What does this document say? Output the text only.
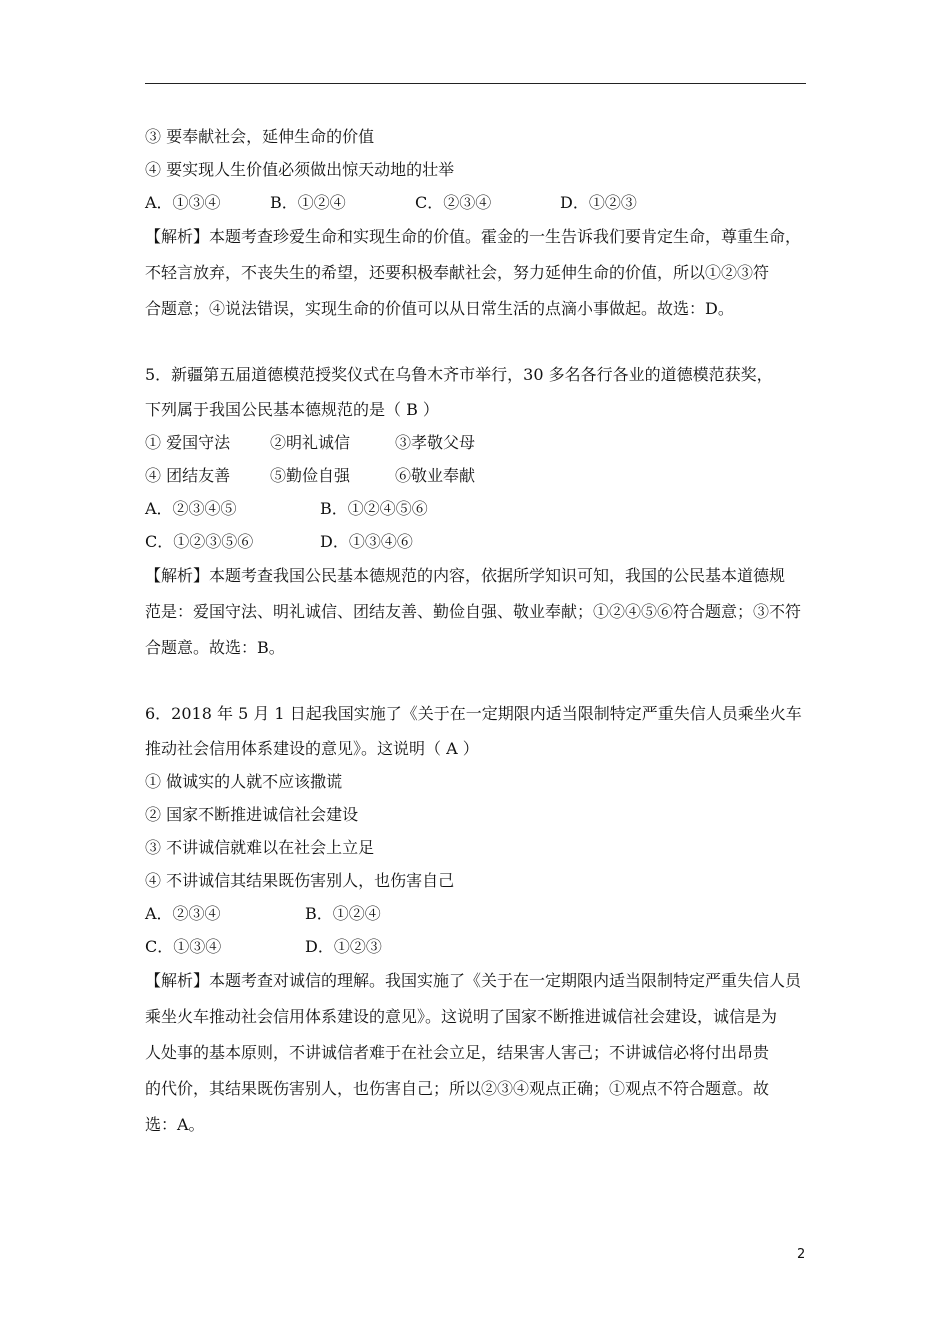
③ 要奉献社会，延伸生命的价值
④ 要实现人生价值必须做出惊天动地的壮举
A．①③④	B．①②④	C．②③④	D．①②③
【解析】本题考查珍爱生命和实现生命的价值。霍金的一生告诉我们要肯定生命，尊重生命，
不轻言放弃，不丧失生的希望，还要积极奉献社会，努力延伸生命的价值，所以①②③符
合题意；④说法错误，实现生命的价值可以从日常生活的点滴小事做起。故选：D。
5．新疆第五届道德模范授奖仪式在乌鲁木齐市举行，30 多名各行各业的道德模范获奖，
下列属于我国公民基本德规范的是（ B ）
① 爱国守法 ②明礼诚信	③孝敬父母
④ 团结友善 ⑤勤俭自强	⑥敬业奉献
A．②③④⑤	B．①②④⑤⑥
C．①②③⑤⑥	D．①③④⑥
【解析】本题考查我国公民基本德规范的内容，依据所学知识可知，我国的公民基本道德规
范是：爱国守法、明礼诚信、团结友善、勤俭自强、敬业奉献；①②④⑤⑥符合题意；③不符
合题意。故选：B。
6．2018 年 5 月 1 日起我国实施了《关于在一定期限内适当限制特定严重失信人员乘坐火车
推动社会信用体系建设的意见》。这说明（ A ）
① 做诚实的人就不应该撒谎
② 国家不断推进诚信社会建设
③ 不讲诚信就难以在社会上立足
④ 不讲诚信其结果既伤害别人，也伤害自己
A．②③④	B．①②④
C．①③④	D．①②③
【解析】本题考查对诚信的理解。我国实施了《关于在一定期限内适当限制特定严重失信人员
乘坐火车推动社会信用体系建设的意见》。这说明了国家不断推进诚信社会建设，诚信是为
人处事的基本原则，不讲诚信者难于在社会立足，结果害人害己；不讲诚信必将付出昂贵
的代价，其结果既伤害别人，也伤害自己；所以②③④观点正确；①观点不符合题意。故
选：A。
2
